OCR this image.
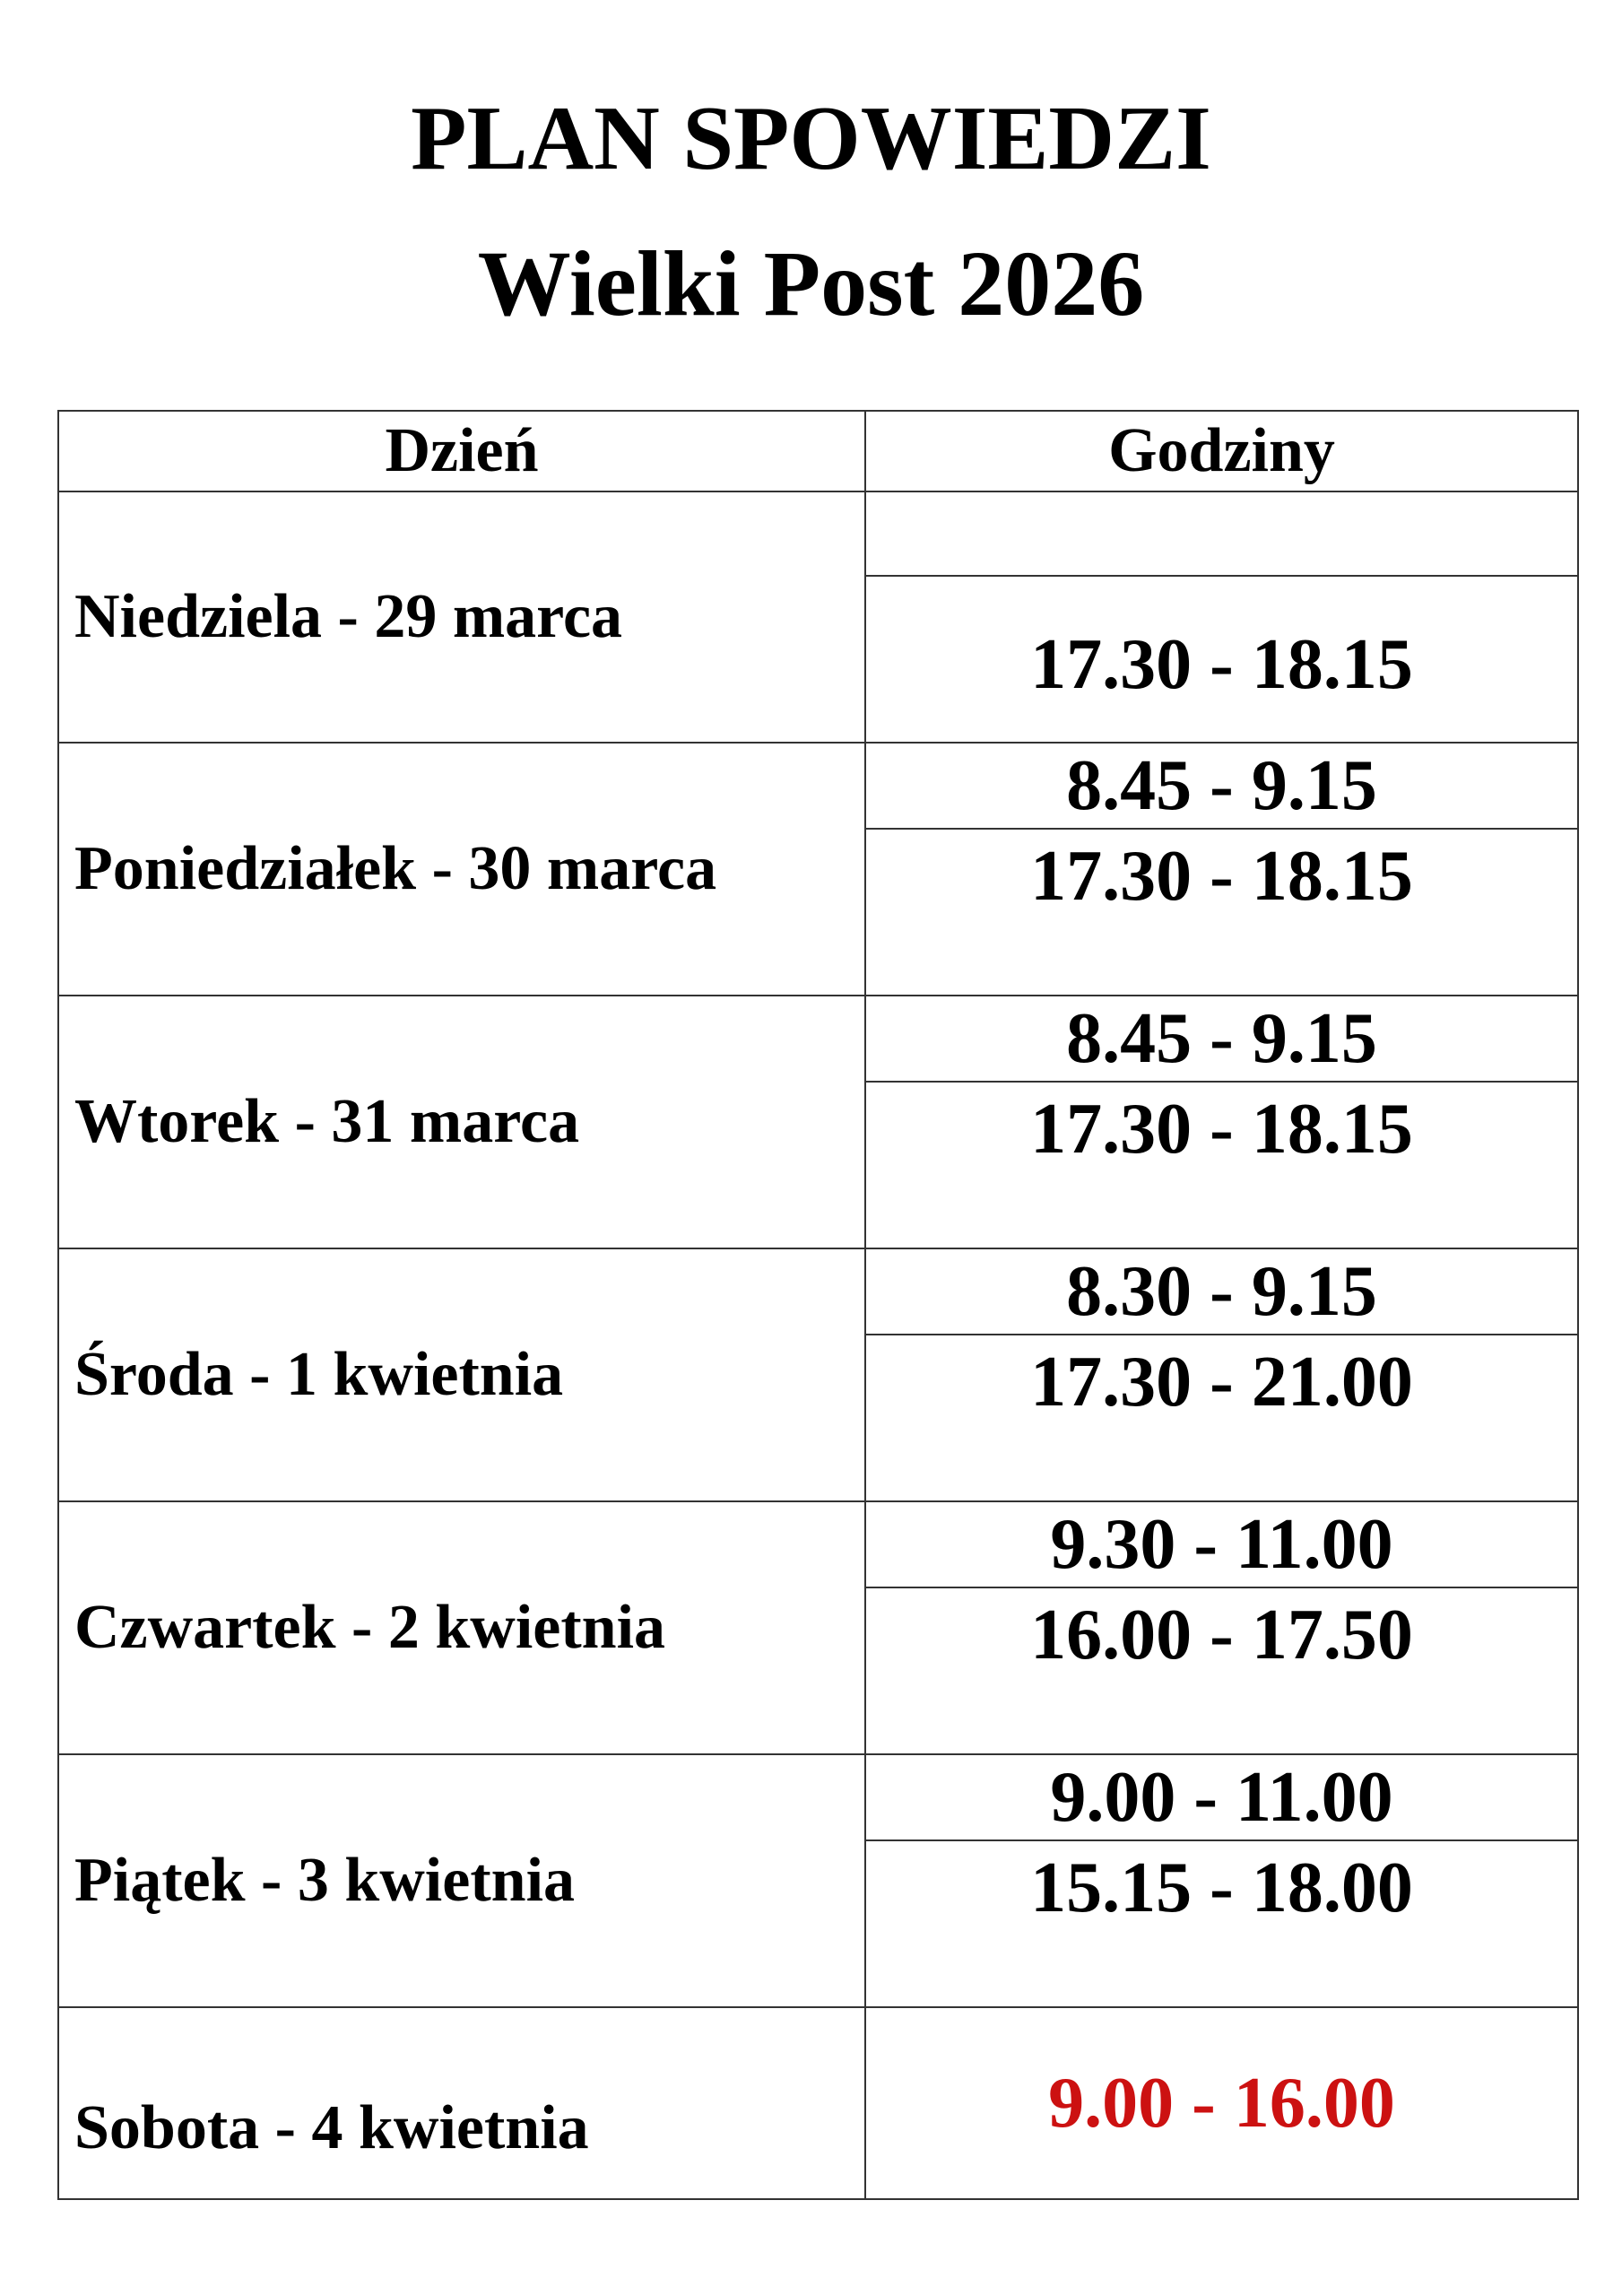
PLAN SPOWIEDZI
Wielki Post 2026
Dzień	Godziny
Niedziela - 29 marca	
	17.30 - 18.15
Poniedziałek - 30 marca	8.45 - 9.15
	17.30 - 18.15
Wtorek - 31 marca	8.45 - 9.15
	17.30 - 18.15
Środa - 1 kwietnia	8.30 - 9.15
	17.30 - 21.00
Czwartek - 2 kwietnia	9.30 - 11.00
	16.00 - 17.50
Piątek - 3 kwietnia	9.00 - 11.00
	15.15 - 18.00
Sobota - 4 kwietnia	9.00 - 16.00
